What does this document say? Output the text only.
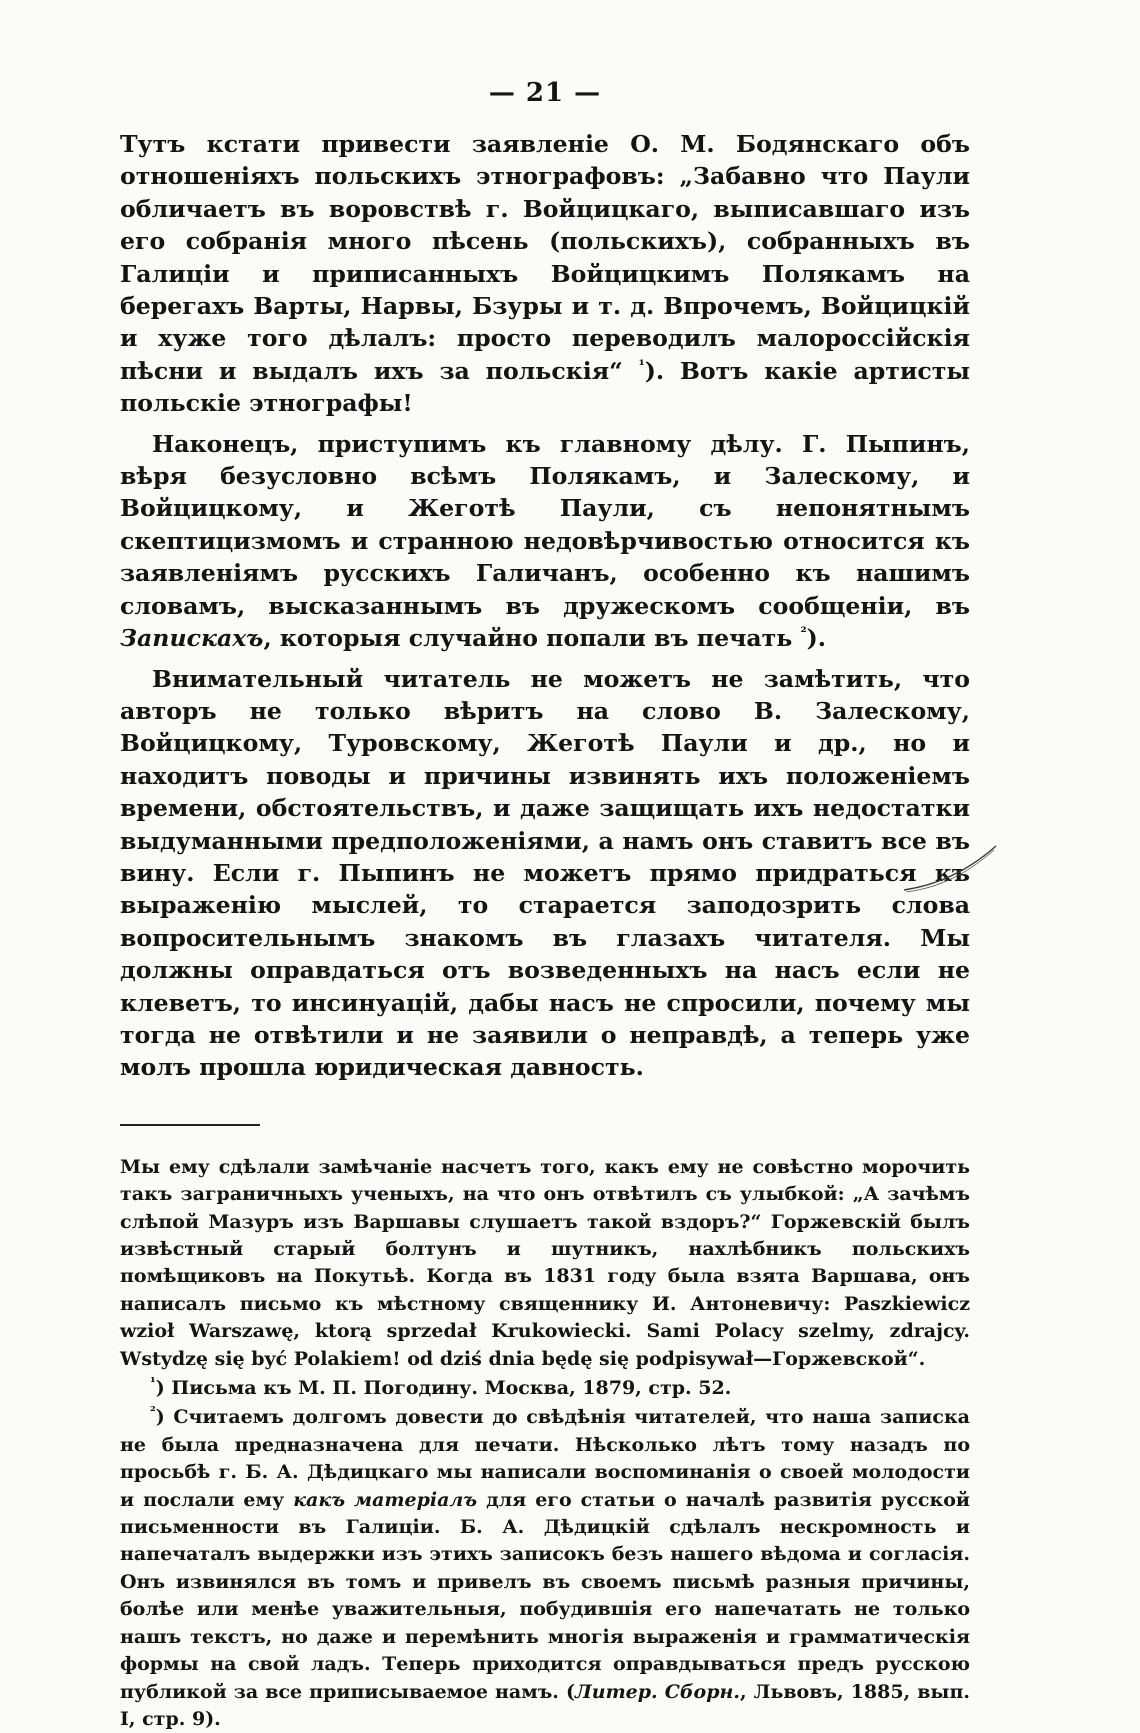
— 21 —

Тутъ кстати привести заявленіе О. М. Бодянскаго объ отношеніяхъ польскихъ этнографовъ: „Забавно что Паули обличаетъ въ воровствѣ г. Войцицкаго, выписавшаго изъ его собранія много пѣсень (польскихъ), собранныхъ въ Галиціи и приписанныхъ Войцицкимъ Полякамъ на берегахъ Варты, Нарвы, Бзуры и т. д. Впрочемъ, Войцицкій и хуже того дѣлалъ: просто переводилъ малороссійскія пѣсни и выдалъ ихъ за польскія“ $^{^1}$). Вотъ какіе артисты польскіе этнографы!

Наконецъ, приступимъ къ главному дѣлу. Г. Пыпинъ, вѣря безусловно всѣмъ Полякамъ, и Залескому, и Войцицкому, и Жеготѣ Паули, съ непонятнымъ скептицизмомъ и странною недовѣрчивостью относится къ заявленіямъ русскихъ Галичанъ, особенно къ нашимъ словамъ, высказаннымъ въ дружескомъ сообщеніи, въ Запискахъ, которыя случайно попали въ печать $^{^2}$).

Внимательный читатель не можетъ не замѣтить, что авторъ не только вѣритъ на слово В. Залескому, Войцицкому, Туровскому, Жеготѣ Паули и др., но и находитъ поводы и причины извинять ихъ положеніемъ времени, обстоятельствъ, и даже защищать ихъ недостатки выдуманными предположеніями, а намъ онъ ставитъ все въ вину. Если г. Пыпинъ не можетъ прямо придраться къ выраженію мыслей, то старается заподозрить слова вопросительнымъ знакомъ въ глазахъ читателя. Мы должны оправдаться отъ возведенныхъ на насъ если не клеветъ, то инсинуацій, дабы насъ не спросили, почему мы тогда не отвѣтили и не заявили о неправдѣ, а теперь уже молъ прошла юридическая давность.

Мы ему сдѣлали замѣчаніе насчетъ того, какъ ему не совѣстно морочить такъ заграничныхъ ученыхъ, на что онъ отвѣтилъ съ улыбкой: „А зачѣмъ слѣпой Мазуръ изъ Варшавы слушаетъ такой вздоръ?“ Горжевскій былъ извѣстный старый болтунъ и шутникъ, нахлѣбникъ польскихъ помѣщиковъ на Покутьѣ. Когда въ 1831 году была взята Варшава, онъ написалъ письмо къ мѣстному священнику И. Антоневичу: Paszkiewicz wzioł Warszawę, ktorą sprzedał Krukowiecki. Sami Polacy szelmy, zdrajcy. Wstydzę się być Polakiem! od dziś dnia będę się podpisywał—Горжевской“.

$^{^1}$) Письма къ М. П. Погодину. Москва, 1879, стр. 52.

$^{^2}$) Считаемъ долгомъ довести до свѣдѣнія читателей, что наша записка не была предназначена для печати. Нѣсколько лѣтъ тому назадъ по просьбѣ г. Б. А. Дѣдицкаго мы написали воспоминанія о своей молодости и послали ему какъ матеріалъ для его статьи о началѣ развитія русской письменности въ Галиціи. Б. А. Дѣдицкій сдѣлалъ нескромность и напечаталъ выдержки изъ этихъ записокъ безъ нашего вѣдома и согласія. Онъ извинялся въ томъ и привелъ въ своемъ письмѣ разныя причины, болѣе или менѣе уважительныя, побудившія его напечатать не только нашъ текстъ, но даже и перемѣнить многія выраженія и грамматическія формы на свой ладъ. Теперь приходится оправдываться предъ русскою публикой за все приписываемое намъ. (Литер. Сборн., Львовъ, 1885, вып. I, стр. 9).
